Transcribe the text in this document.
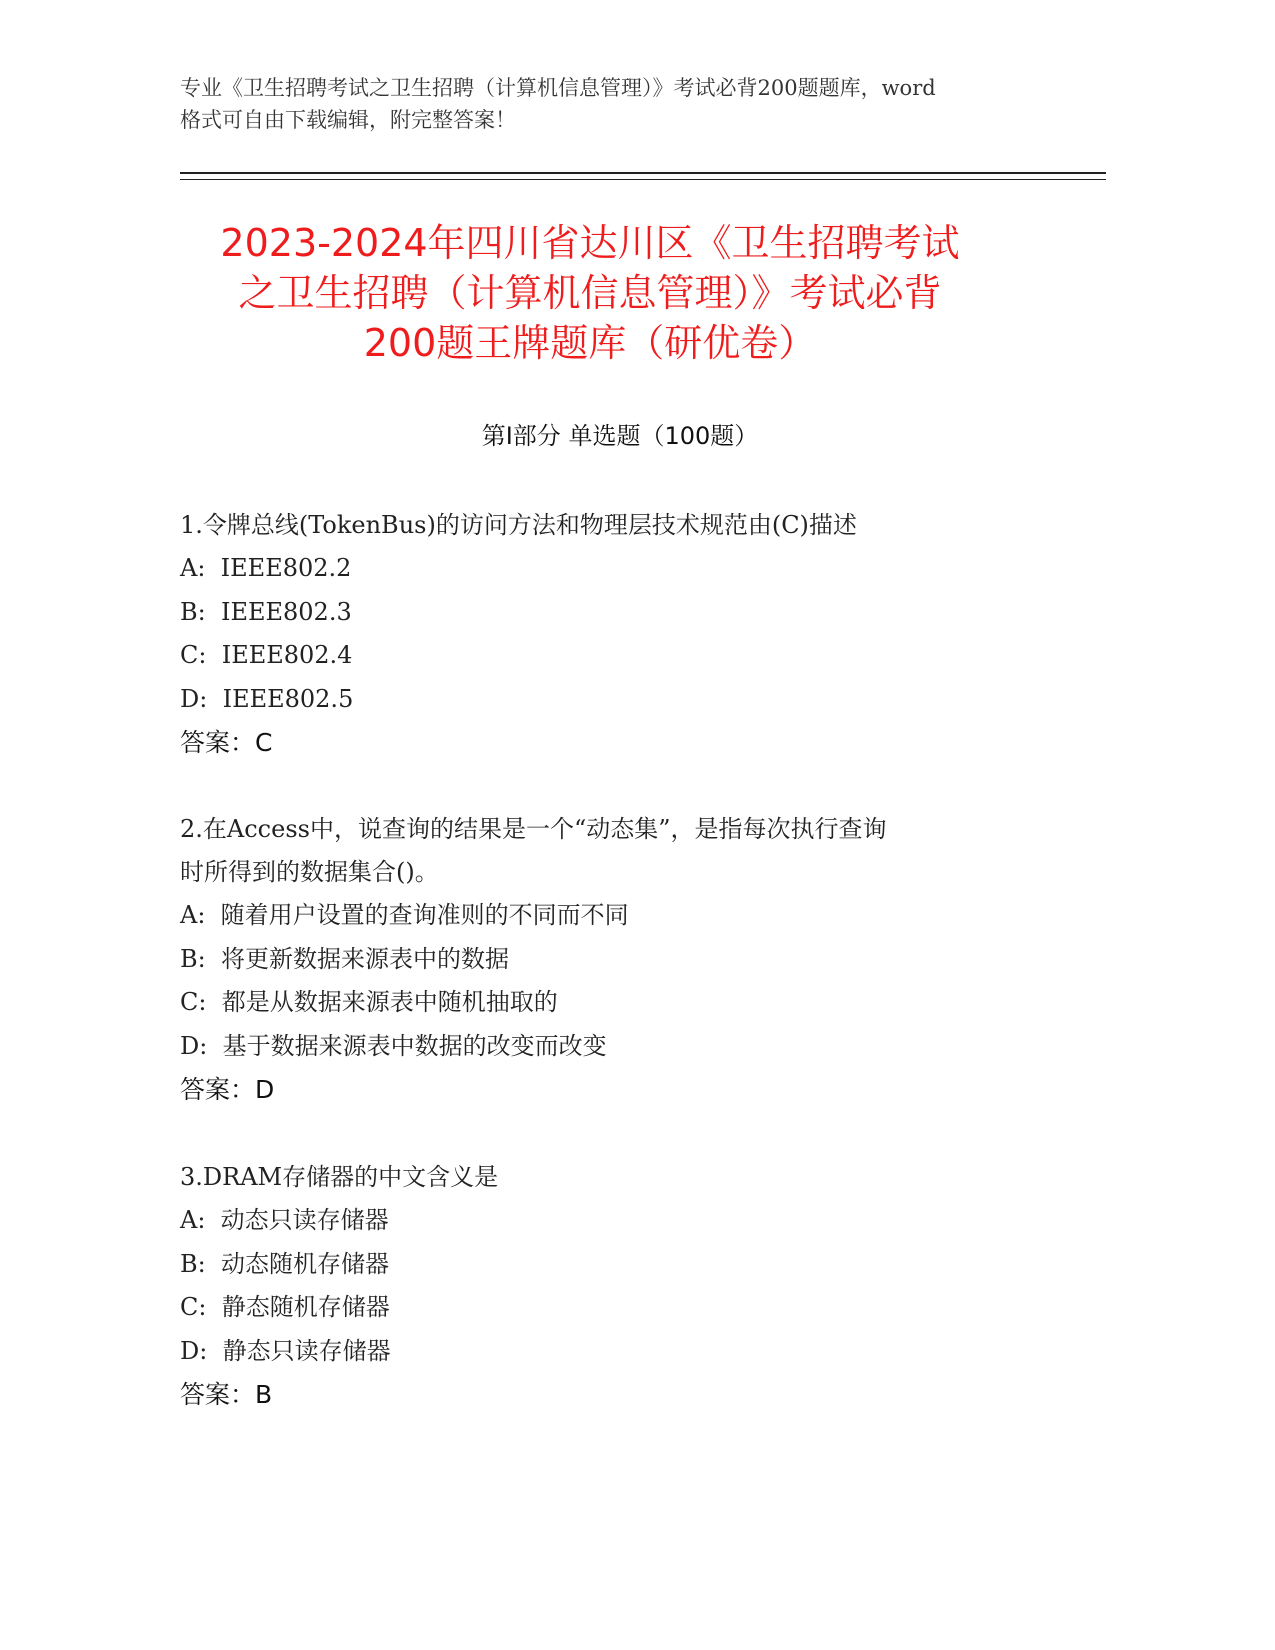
专业《卫生招聘考试之卫生招聘（计算机信息管理）》考试必背200题题库，word
格式可自由下载编辑，附完整答案！
2023-2024年四川省达川区《卫生招聘考试
之卫生招聘（计算机信息管理）》考试必背
200题王牌题库（研优卷）
第Ⅰ部分 单选题（100题）
1.令牌总线(TokenBus)的访问方法和物理层技术规范由(C)描述
A:  IEEE802.2
B:  IEEE802.3
C:  IEEE802.4
D:  IEEE802.5
答案：C
2.在Access中，说查询的结果是一个“动态集”，是指每次执行查询
时所得到的数据集合()。
A:  随着用户设置的查询准则的不同而不同
B:  将更新数据来源表中的数据
C:  都是从数据来源表中随机抽取的
D:  基于数据来源表中数据的改变而改变
答案：D
3.DRAM存储器的中文含义是
A:  动态只读存储器
B:  动态随机存储器
C:  静态随机存储器
D:  静态只读存储器
答案：B
